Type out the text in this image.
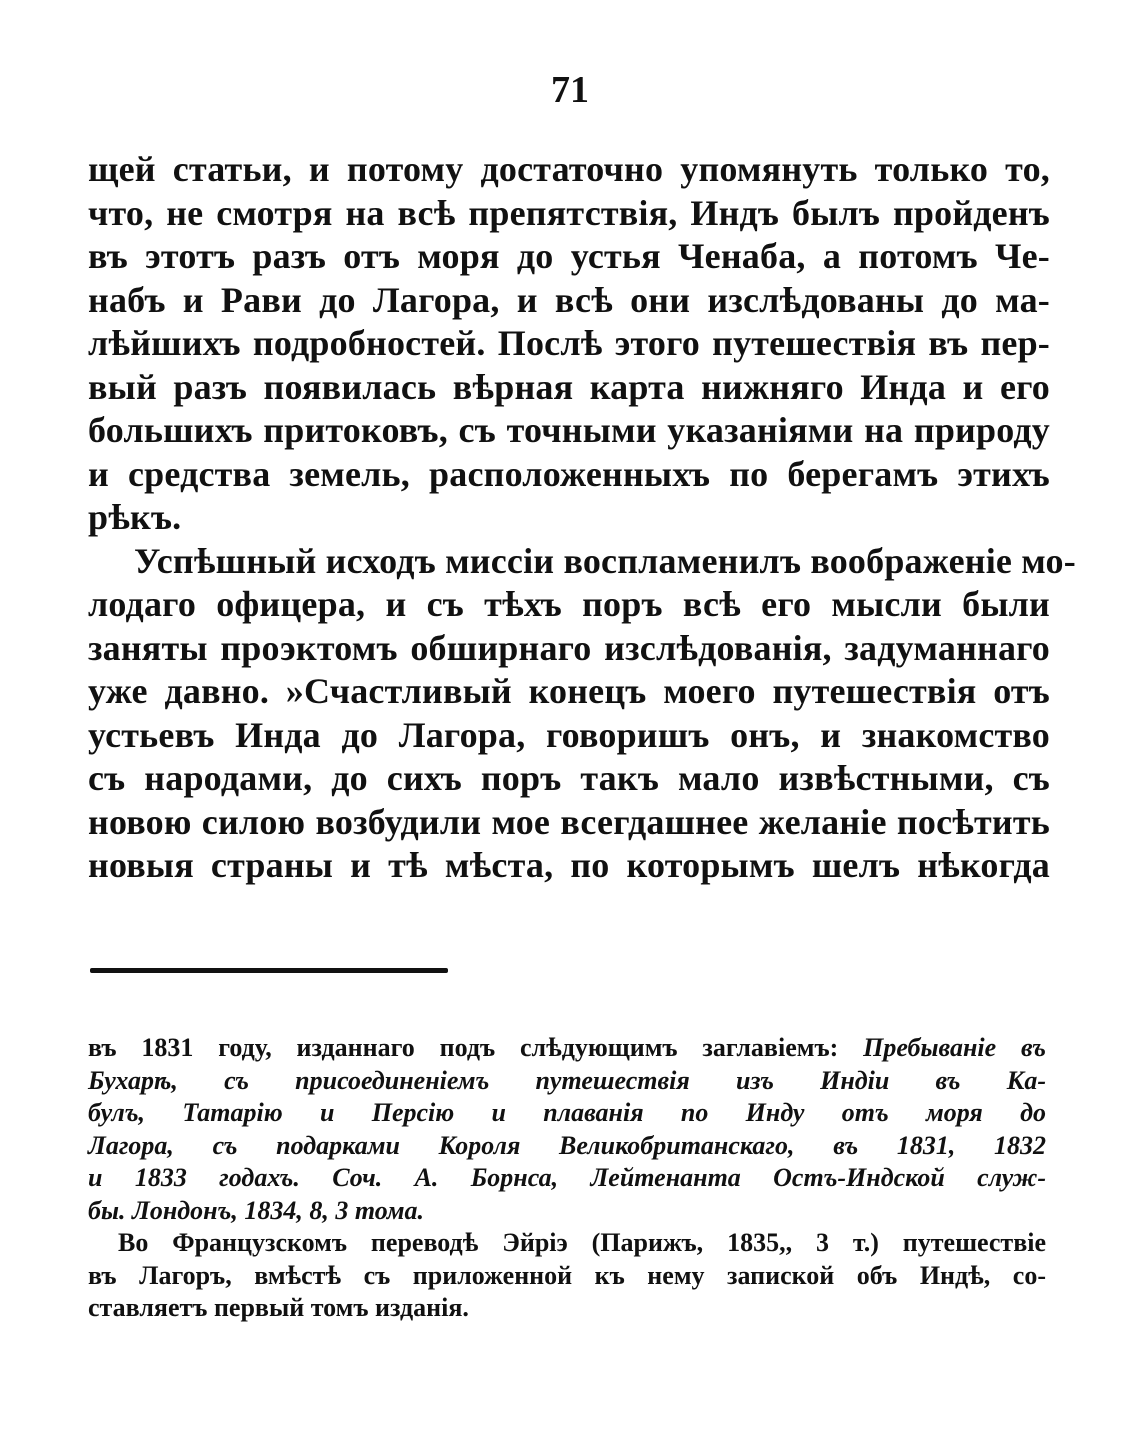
71
щей статьи, и потому достаточно упомянуть только то,
что, не смотря на всѣ препятствія, Индъ былъ пройденъ
въ этотъ разъ отъ моря до устья Ченаба, а потомъ Че-
набъ и Рави до Лагора, и всѣ они изслѣдованы до ма-
лѣйшихъ подробностей. Послѣ этого путешествія въ пер-
вый разъ появилась вѣрная карта нижняго Инда и его
большихъ притоковъ, съ точными указаніями на природу
и средства земель, расположенныхъ по берегамъ этихъ
рѣкъ.
Успѣшный исходъ миссіи воспламенилъ воображеніе мо-
лодаго офицера, и съ тѣхъ поръ всѣ его мысли были
заняты проэктомъ обширнаго изслѣдованія, задуманнаго
уже давно. »Счастливый конецъ моего путешествія отъ
устьевъ Инда до Лагора, говоришъ онъ, и знакомство
съ народами, до сихъ поръ такъ мало извѣстными, съ
новою силою возбудили мое всегдашнее желаніе посѣтить
новыя страны и тѣ мѣста, по которымъ шелъ нѣкогда
въ 1831 году, изданнаго подъ слѣдующимъ заглавіемъ: Пребываніе въ
Бухарѣ, съ присоединеніемъ путешествія изъ Индіи въ Ка-
булъ, Татарію и Персію и плаванія по Инду отъ моря до
Лагора, съ подарками Короля Великобританскаго, въ 1831, 1832
и 1833 годахъ. Соч. А. Борнса, Лейтенанта Остъ-Индской служ-
бы. Лондонъ, 1834, 8, 3 тома.
Во Французскомъ переводѣ Эйріэ (Парижъ, 1835,, 3 т.) путешествіе
въ Лагоръ, вмѣстѣ съ приложенной къ нему запиской объ Индѣ, со-
ставляетъ первый томъ изданія.
